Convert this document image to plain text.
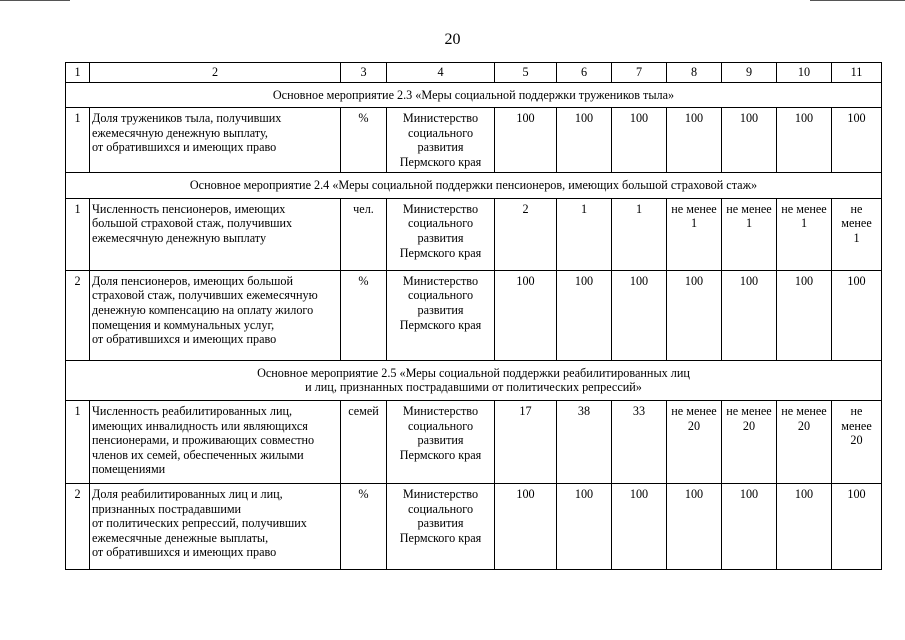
20
1	2	3	4	5	6	7	8	9	10	11
Основное мероприятие 2.3 «Меры социальной поддержки тружеников тыла»										
1	Доля тружеников тыла, получивших
ежемесячную денежную выплату,
от обратившихся и имеющих право	%	Министерство
социального
развития
Пермского края	100	100	100	100	100	100	100
Основное мероприятие 2.4 «Меры социальной поддержки пенсионеров, имеющих большой страховой стаж»										
1	Численность пенсионеров, имеющих
большой страховой стаж, получивших
ежемесячную денежную выплату	чел.	Министерство
социального
развития
Пермского края	2	1	1	не менее
1	не менее
1	не менее
1	не менее
1
2	Доля пенсионеров, имеющих большой
страховой стаж, получивших ежемесячную
денежную компенсацию на оплату жилого
помещения и коммунальных услуг,
от обратившихся и имеющих право	%	Министерство
социального
развития
Пермского края	100	100	100	100	100	100	100
Основное мероприятие 2.5 «Меры социальной поддержки реабилитированных лиц
и лиц, признанных пострадавшими от политических репрессий»										
1	Численность реабилитированных лиц,
имеющих инвалидность или являющихся
пенсионерами, и проживающих совместно
членов их семей, обеспеченных жилыми
помещениями	семей	Министерство
социального
развития
Пермского края	17	38	33	не менее
20	не менее
20	не менее
20	не менее
20
2	Доля реабилитированных лиц и лиц,
признанных пострадавшими
от политических репрессий, получивших
ежемесячные денежные выплаты,
от обратившихся и имеющих право	%	Министерство
социального
развития
Пермского края	100	100	100	100	100	100	100
